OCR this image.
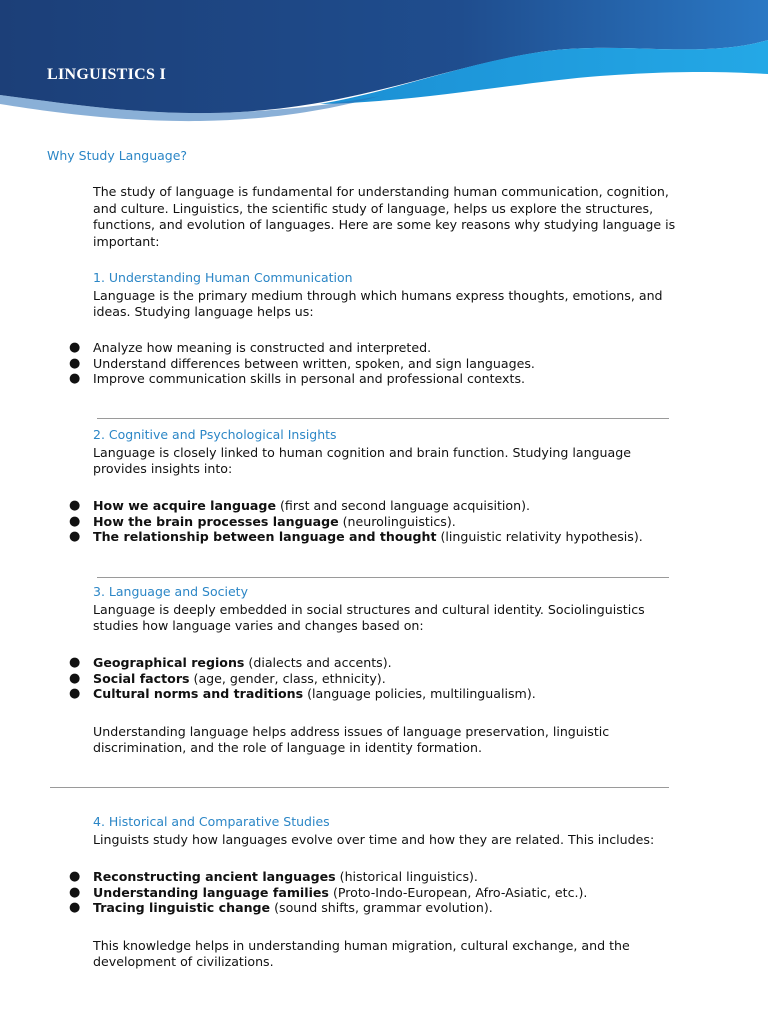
LINGUISTICS I
Why Study Language?
The study of language is fundamental for understanding human communication, cognition, and culture. Linguistics, the scientific study of language, helps us explore the structures, functions, and evolution of languages. Here are some key reasons why studying language is important:
1. Understanding Human Communication
Language is the primary medium through which humans express thoughts, emotions, and ideas. Studying language helps us:
● Analyze how meaning is constructed and interpreted.
● Understand differences between written, spoken, and sign languages.
● Improve communication skills in personal and professional contexts.
2. Cognitive and Psychological Insights
Language is closely linked to human cognition and brain function. Studying language provides insights into:
● How we acquire language (first and second language acquisition).
● How the brain processes language (neurolinguistics).
● The relationship between language and thought (linguistic relativity hypothesis).
3. Language and Society
Language is deeply embedded in social structures and cultural identity. Sociolinguistics studies how language varies and changes based on:
● Geographical regions (dialects and accents).
● Social factors (age, gender, class, ethnicity).
● Cultural norms and traditions (language policies, multilingualism).
Understanding language helps address issues of language preservation, linguistic discrimination, and the role of language in identity formation.
4. Historical and Comparative Studies
Linguists study how languages evolve over time and how they are related. This includes:
● Reconstructing ancient languages (historical linguistics).
● Understanding language families (Proto-Indo-European, Afro-Asiatic, etc.).
● Tracing linguistic change (sound shifts, grammar evolution).
This knowledge helps in understanding human migration, cultural exchange, and the development of civilizations.
